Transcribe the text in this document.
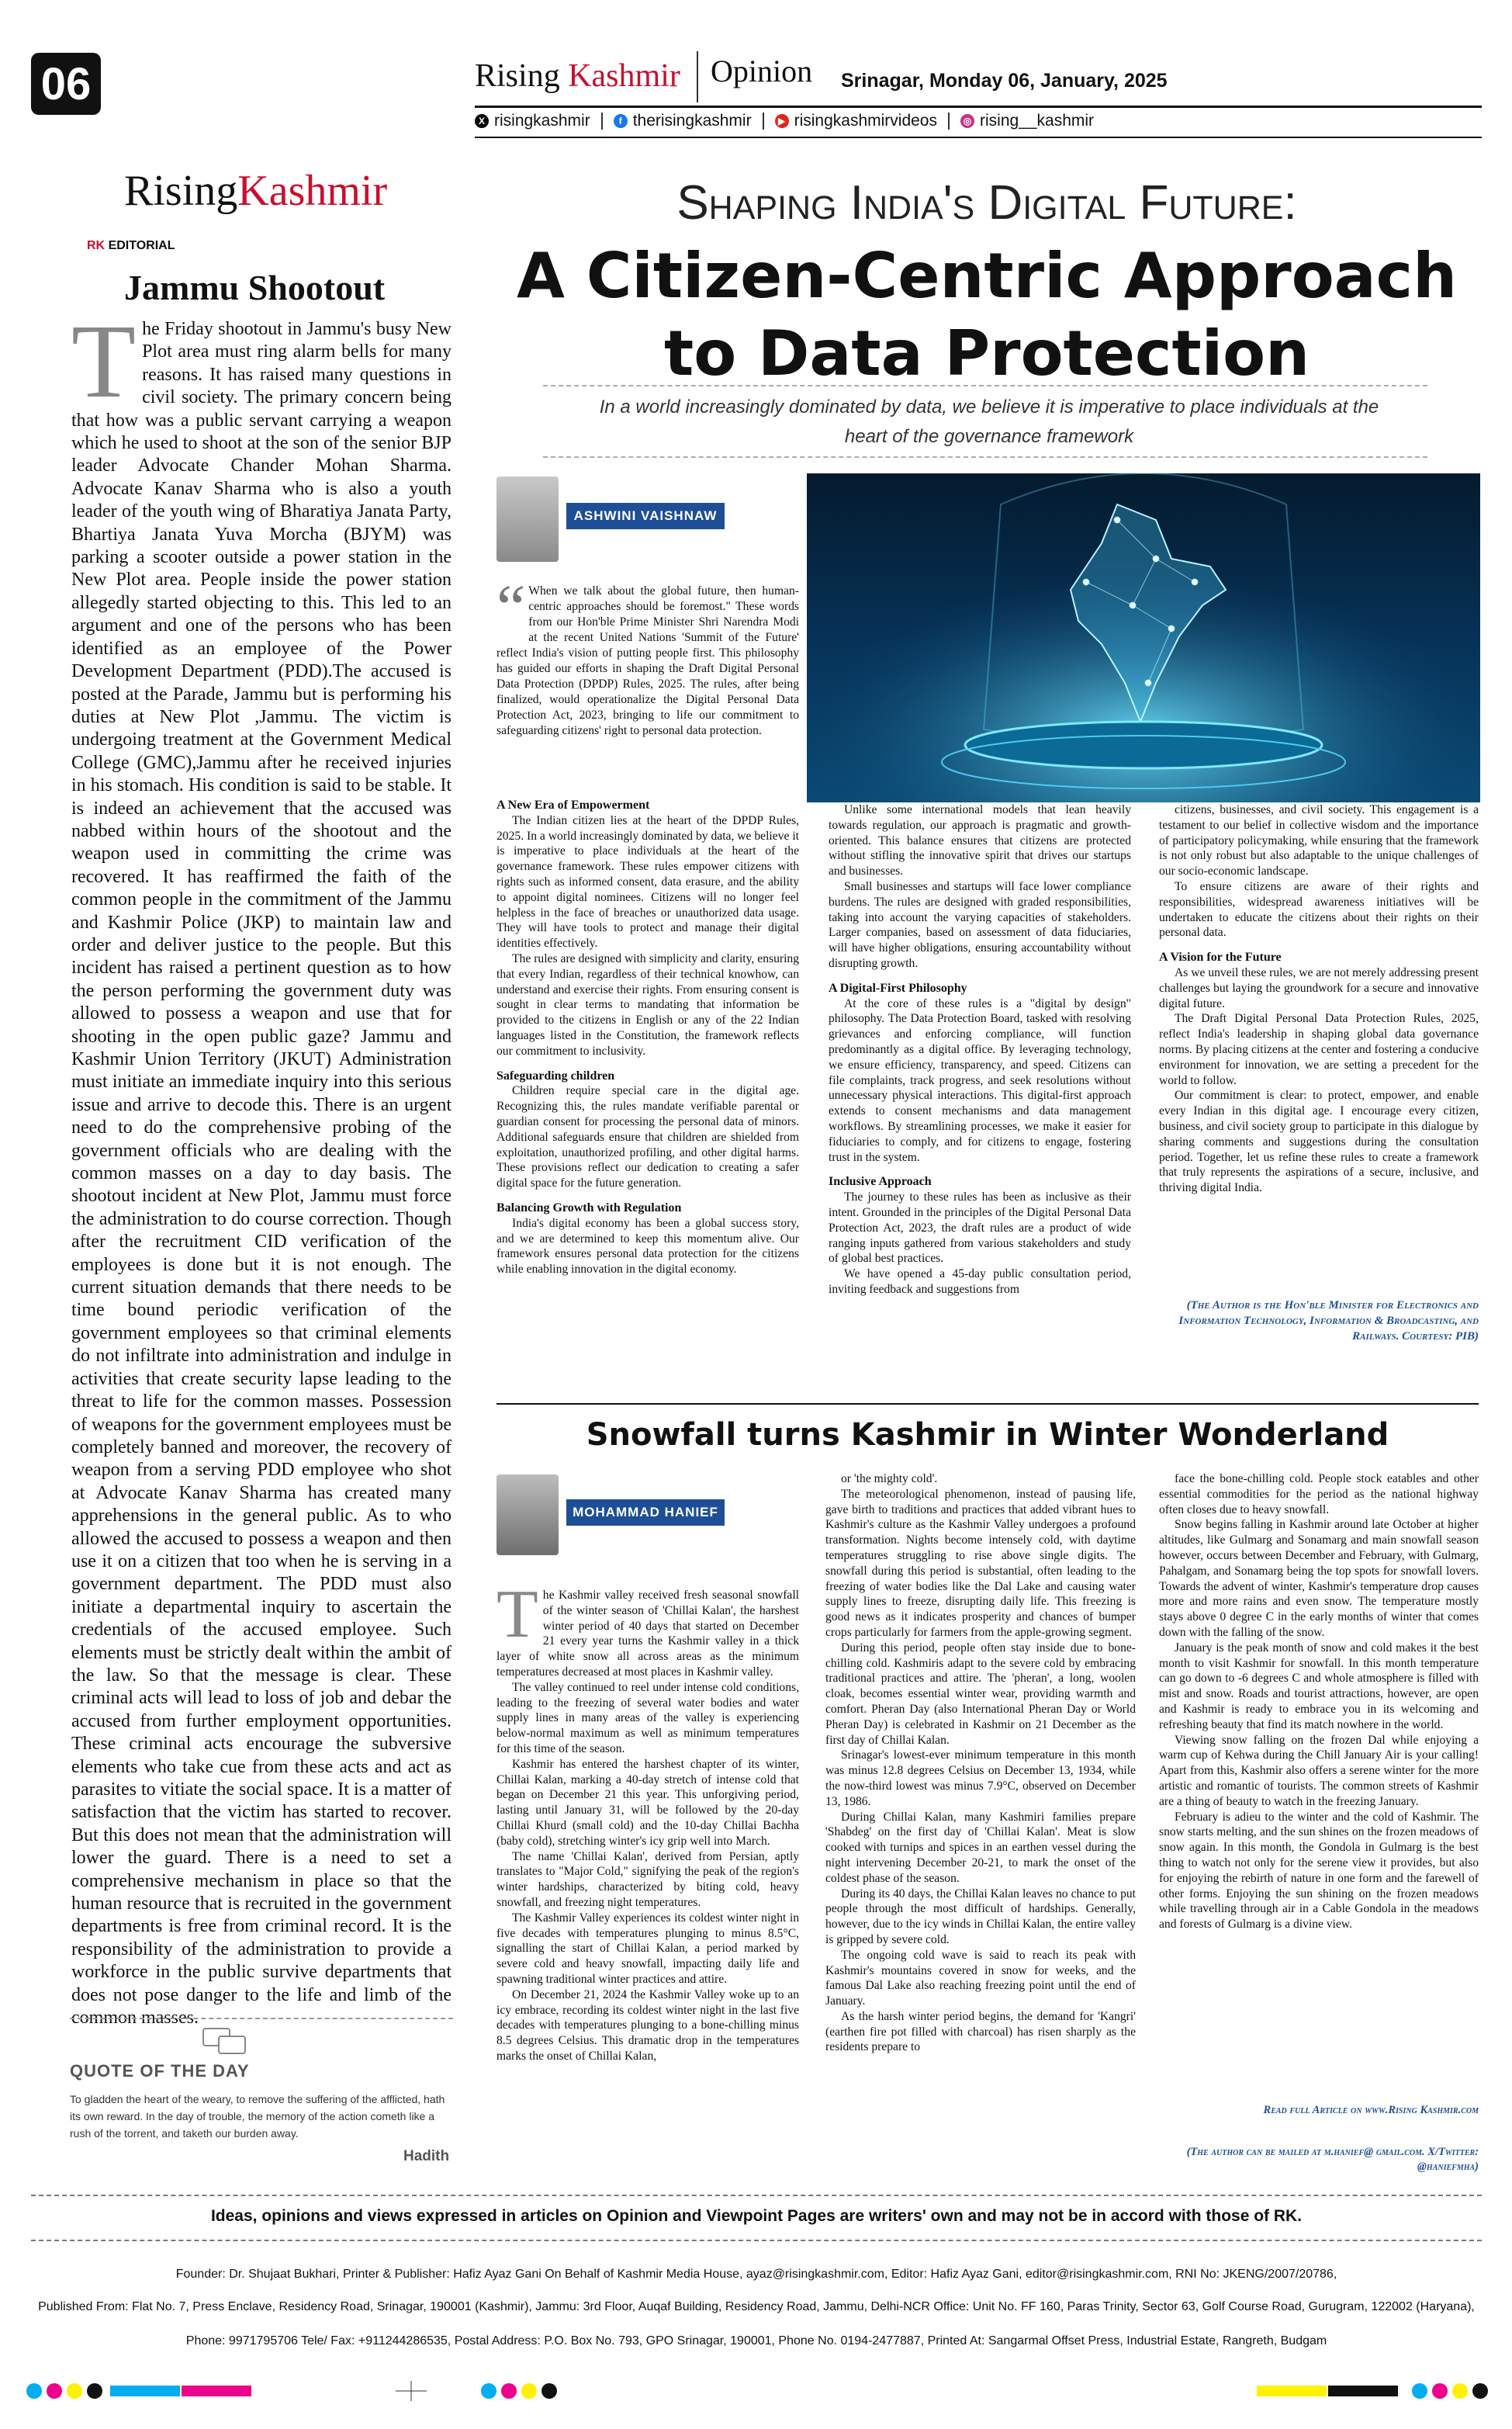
06	Rising Kashmir Opinion Srinagar, Monday 06, January, 2025
X risingkashmir	f therisingkashmir	▶ risingkashmirvideos	◎ rising__kashmir
RisingKashmir
RK EDITORIAL
Jammu Shootout
The Friday shootout in Jammu's busy New Plot area must ring alarm bells for many reasons. It has raised many questions in civil society. The primary concern being that how was a public servant carrying a weapon which he used to shoot at the son of the senior BJP leader Advocate Chander Mohan Sharma. Advocate Kanav Sharma who is also a youth leader of the youth wing of Bharatiya Janata Party, Bhartiya Janata Yuva Morcha (BJYM) was parking a scooter outside a power station in the New Plot area. People inside the power station allegedly started objecting to this. This led to an argument and one of the persons who has been identified as an employee of the Power Development Department (PDD).The accused is posted at the Parade, Jammu but is performing his duties at New Plot ,Jammu. The victim is undergoing treatment at the Government Medical College (GMC),Jammu after he received injuries in his stomach. His condition is said to be stable. It is indeed an achievement that the accused was nabbed within hours of the shootout and the weapon used in committing the crime was recovered. It has reaffirmed the faith of the common people in the commitment of the Jammu and Kashmir Police (JKP) to maintain law and order and deliver justice to the people. But this incident has raised a pertinent question as to how the person performing the government duty was allowed to possess a weapon and use that for shooting in the open public gaze? Jammu and Kashmir Union Territory (JKUT) Administration must initiate an immediate inquiry into this serious issue and arrive to decode this. There is an urgent need to do the comprehensive probing of the government officials who are dealing with the common masses on a day to day basis. The shootout incident at New Plot, Jammu must force the administration to do course correction. Though after the recruitment CID verification of the employees is done but it is not enough. The current situation demands that there needs to be time bound periodic verification of the government employees so that criminal elements do not infiltrate into administration and indulge in activities that create security lapse leading to the threat to life for the common masses. Possession of weapons for the government employees must be completely banned and moreover, the recovery of weapon from a serving PDD employee who shot at Advocate Kanav Sharma has created many apprehensions in the general public. As to who allowed the accused to possess a weapon and then use it on a citizen that too when he is serving in a government department. The PDD must also initiate a departmental inquiry to ascertain the credentials of the accused employee. Such elements must be strictly dealt within the ambit of the law. So that the message is clear. These criminal acts will lead to loss of job and debar the accused from further employment opportunities. These criminal acts encourage the subversive elements who take cue from these acts and act as parasites to vitiate the social space. It is a matter of satisfaction that the victim has started to recover. But this does not mean that the administration will lower the guard. There is a need to set a comprehensive mechanism in place so that the human resource that is recruited in the government departments is free from criminal record. It is the responsibility of the administration to provide a workforce in the public survive departments that does not pose danger to the life and limb of the common masses.
QUOTE OF THE DAY
To gladden the heart of the weary, to remove the suffering of the afflicted, hath its own reward. In the day of trouble, the memory of the action cometh like a rush of the torrent, and taketh our burden away.
Hadith
Shaping India's Digital Future:
A Citizen-Centric Approach
to Data Protection
In a world increasingly dominated by data, we believe it is imperative to place individuals at the heart of the governance framework
ASHWINI VAISHNAW
“ When we talk about the global future, then human-centric approaches should be foremost." These words from our Hon'ble Prime Minister Shri Narendra Modi at the recent United Nations 'Summit of the Future' reflect India's vision of putting people first. This philosophy has guided our efforts in shaping the Draft Digital Personal Data Protection (DPDP) Rules, 2025. The rules, after being finalized, would operationalize the Digital Personal Data Protection Act, 2023, bringing to life our commitment to safeguarding citizens' right to personal data protection.
A New Era of Empowerment

The Indian citizen lies at the heart of the DPDP Rules, 2025. In a world increasingly dominated by data, we believe it is imperative to place individuals at the heart of the governance framework. These rules empower citizens with rights such as informed consent, data erasure, and the ability to appoint digital nominees. Citizens will no longer feel helpless in the face of breaches or unauthorized data usage. They will have tools to protect and manage their digital identities effectively.

The rules are designed with simplicity and clarity, ensuring that every Indian, regardless of their technical knowhow, can understand and exercise their rights. From ensuring consent is sought in clear terms to mandating that information be provided to the citizens in English or any of the 22 Indian languages listed in the Constitution, the framework reflects our commitment to inclusivity.

Safeguarding children

Children require special care in the digital age. Recognizing this, the rules mandate verifiable parental or guardian consent for processing the personal data of minors. Additional safeguards ensure that children are shielded from exploitation, unauthorized profiling, and other digital harms. These provisions reflect our dedication to creating a safer digital space for the future generation.

Balancing Growth with Regulation

India's digital economy has been a global success story, and we are determined to keep this momentum alive. Our framework ensures personal data protection for the citizens while enabling innovation in the digital economy.

Unlike some international models that lean heavily towards regulation, our approach is pragmatic and growth-oriented. This balance ensures that citizens are protected without stifling the innovative spirit that drives our startups and businesses.

Small businesses and startups will face lower compliance burdens. The rules are designed with graded responsibilities, taking into account the varying capacities of stakeholders. Larger companies, based on assessment of data fiduciaries, will have higher obligations, ensuring accountability without disrupting growth.

A Digital-First Philosophy

At the core of these rules is a "digital by design" philosophy. The Data Protection Board, tasked with resolving grievances and enforcing compliance, will function predominantly as a digital office. By leveraging technology, we ensure efficiency, transparency, and speed. Citizens can file complaints, track progress, and seek resolutions without unnecessary physical interactions. This digital-first approach extends to consent mechanisms and data management workflows. By streamlining processes, we make it easier for fiduciaries to comply, and for citizens to engage, fostering trust in the system.

Inclusive Approach

The journey to these rules has been as inclusive as their intent. Grounded in the principles of the Digital Personal Data Protection Act, 2023, the draft rules are a product of wide ranging inputs gathered from various stakeholders and study of global best practices.

We have opened a 45-day public consultation period, inviting feedback and suggestions from

citizens, businesses, and civil society. This engagement is a testament to our belief in collective wisdom and the importance of participatory policymaking, while ensuring that the framework is not only robust but also adaptable to the unique challenges of our socio-economic landscape.

To ensure citizens are aware of their rights and responsibilities, widespread awareness initiatives will be undertaken to educate the citizens about their rights on their personal data.

A Vision for the Future

As we unveil these rules, we are not merely addressing present challenges but laying the groundwork for a secure and innovative digital future.

The Draft Digital Personal Data Protection Rules, 2025, reflect India's leadership in shaping global data governance norms. By placing citizens at the center and fostering a conducive environment for innovation, we are setting a precedent for the world to follow.

Our commitment is clear: to protect, empower, and enable every Indian in this digital age. I encourage every citizen, business, and civil society group to participate in this dialogue by sharing comments and suggestions during the consultation period. Together, let us refine these rules to create a framework that truly represents the aspirations of a secure, inclusive, and thriving digital India.

(The Author is the Hon'ble Minister for Electronics and Information Technology, Information & Broadcasting, and Railways. Courtesy: PIB)
Snowfall turns Kashmir in Winter Wonderland
MOHAMMAD HANIEF
The Kashmir valley received fresh seasonal snowfall of the winter season of 'Chillai Kalan', the harshest winter period of 40 days that started on December 21 every year turns the Kashmir valley in a thick layer of white snow all across areas as the minimum temperatures decreased at most places in Kashmir valley.

The valley continued to reel under intense cold conditions, leading to the freezing of several water bodies and water supply lines in many areas of the valley is experiencing below-normal maximum as well as minimum temperatures for this time of the season.

Kashmir has entered the harshest chapter of its winter, Chillai Kalan, marking a 40-day stretch of intense cold that began on December 21 this year. This unforgiving period, lasting until January 31, will be followed by the 20-day Chillai Khurd (small cold) and the 10-day Chillai Bachha (baby cold), stretching winter's icy grip well into March.

The name 'Chillai Kalan', derived from Persian, aptly translates to "Major Cold," signifying the peak of the region's winter hardships, characterized by biting cold, heavy snowfall, and freezing night temperatures.

The Kashmir Valley experiences its coldest winter night in five decades with temperatures plunging to minus 8.5°C, signalling the start of Chillai Kalan, a period marked by severe cold and heavy snowfall, impacting daily life and spawning traditional winter practices and attire.

On December 21, 2024 the Kashmir Valley woke up to an icy embrace, recording its coldest winter night in the last five decades with temperatures plunging to a bone-chilling minus 8.5 degrees Celsius. This dramatic drop in the temperatures marks the onset of Chillai Kalan,

or 'the mighty cold'.

The meteorological phenomenon, instead of pausing life, gave birth to traditions and practices that added vibrant hues to Kashmir's culture as the Kashmir Valley undergoes a profound transformation. Nights become intensely cold, with daytime temperatures struggling to rise above single digits. The snowfall during this period is substantial, often leading to the freezing of water bodies like the Dal Lake and causing water supply lines to freeze, disrupting daily life. This freezing is good news as it indicates prosperity and chances of bumper crops particularly for farmers from the apple-growing segment.

During this period, people often stay inside due to bone-chilling cold. Kashmiris adapt to the severe cold by embracing traditional practices and attire. The 'pheran', a long, woolen cloak, becomes essential winter wear, providing warmth and comfort. Pheran Day (also International Pheran Day or World Pheran Day) is celebrated in Kashmir on 21 December as the first day of Chillai Kalan.

Srinagar's lowest-ever minimum temperature in this month was minus 12.8 degrees Celsius on December 13, 1934, while the now-third lowest was minus 7.9°C, observed on December 13, 1986.

During Chillai Kalan, many Kashmiri families prepare 'Shabdeg' on the first day of 'Chillai Kalan'. Meat is slow cooked with turnips and spices in an earthen vessel during the night intervening December 20-21, to mark the onset of the coldest phase of the season.

During its 40 days, the Chillai Kalan leaves no chance to put people through the most difficult of hardships. Generally, however, due to the icy winds in Chillai Kalan, the entire valley is gripped by severe cold.

The ongoing cold wave is said to reach its peak with Kashmir's mountains covered in snow for weeks, and the famous Dal Lake also reaching freezing point until the end of January.

As the harsh winter period begins, the demand for 'Kangri' (earthen fire pot filled with charcoal) has risen sharply as the residents prepare to

face the bone-chilling cold. People stock eatables and other essential commodities for the period as the national highway often closes due to heavy snowfall.

Snow begins falling in Kashmir around late October at higher altitudes, like Gulmarg and Sonamarg and main snowfall season however, occurs between December and February, with Gulmarg, Pahalgam, and Sonamarg being the top spots for snowfall lovers. Towards the advent of winter, Kashmir's temperature drop causes more and more rains and even snow. The temperature mostly stays above 0 degree C in the early months of winter that comes down with the falling of the snow.

January is the peak month of snow and cold makes it the best month to visit Kashmir for snowfall. In this month temperature can go down to -6 degrees C and whole atmosphere is filled with mist and snow. Roads and tourist attractions, however, are open and Kashmir is ready to embrace you in its welcoming and refreshing beauty that find its match nowhere in the world.

Viewing snow falling on the frozen Dal while enjoying a warm cup of Kehwa during the Chill January Air is your calling! Apart from this, Kashmir also offers a serene winter for the more artistic and romantic of tourists. The common streets of Kashmir are a thing of beauty to watch in the freezing January.

February is adieu to the winter and the cold of Kashmir. The snow starts melting, and the sun shines on the frozen meadows of snow again. In this month, the Gondola in Gulmarg is the best thing to watch not only for the serene view it provides, but also for enjoying the rebirth of nature in one form and the farewell of other forms. Enjoying the sun shining on the frozen meadows while travelling through air in a Cable Gondola in the meadows and forests of Gulmarg is a divine view.

Read full Article on www.Rising Kashmir.com
(The author can be mailed at m.hanief@ gmail.com. X/Twitter: @haniefmha)
Ideas, opinions and views expressed in articles on Opinion and Viewpoint Pages are writers' own and may not be in accord with those of RK.
Founder: Dr. Shujaat Bukhari, Printer & Publisher: Hafiz Ayaz Gani On Behalf of Kashmir Media House, ayaz@risingkashmir.com, Editor: Hafiz Ayaz Gani, editor@risingkashmir.com, RNI No: JKENG/2007/20786,
Published From: Flat No. 7, Press Enclave, Residency Road, Srinagar, 190001 (Kashmir), Jammu: 3rd Floor, Auqaf Building, Residency Road, Jammu, Delhi-NCR Office: Unit No. FF 160, Paras Trinity, Sector 63, Golf Course Road, Gurugram, 122002 (Haryana),
Phone: 9971795706 Tele/ Fax: +911244286535, Postal Address: P.O. Box No. 793, GPO Srinagar, 190001, Phone No. 0194-2477887, Printed At: Sangarmal Offset Press, Industrial Estate, Rangreth, Budgam
